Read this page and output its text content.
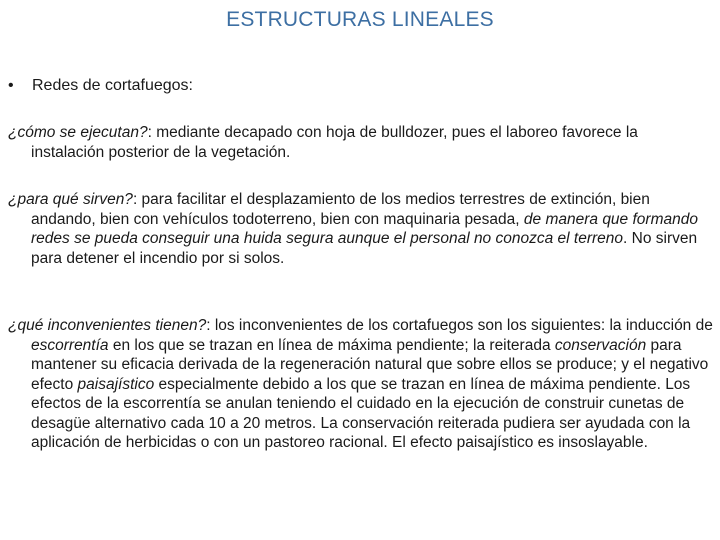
ESTRUCTURAS LINEALES
•	Redes de cortafuegos:

¿cómo se ejecutan?: mediante decapado con hoja de bulldozer, pues el laboreo favorece la instalación posterior de la vegetación.

¿para qué sirven?: para facilitar el desplazamiento de los medios terrestres de extinción, bien andando, bien con vehículos todoterreno, bien con maquinaria pesada, de manera que formando redes se pueda conseguir una huida segura aunque el personal no conozca el terreno. No sirven para detener el incendio por si solos.

¿qué inconvenientes tienen?: los inconvenientes de los cortafuegos son los siguientes: la inducción de escorrentía en los que se trazan en línea de máxima pendiente; la reiterada conservación para mantener su eficacia derivada de la regeneración natural que sobre ellos se produce; y el negativo efecto paisajístico especialmente debido a los que se trazan en línea de máxima pendiente. Los efectos de la escorrentía se anulan teniendo el cuidado en la ejecución de construir cunetas de desagüe alternativo cada 10 a 20 metros. La conservación reiterada pudiera ser ayudada con la aplicación de herbicidas o con un pastoreo racional. El efecto paisajístico es insoslayable.
